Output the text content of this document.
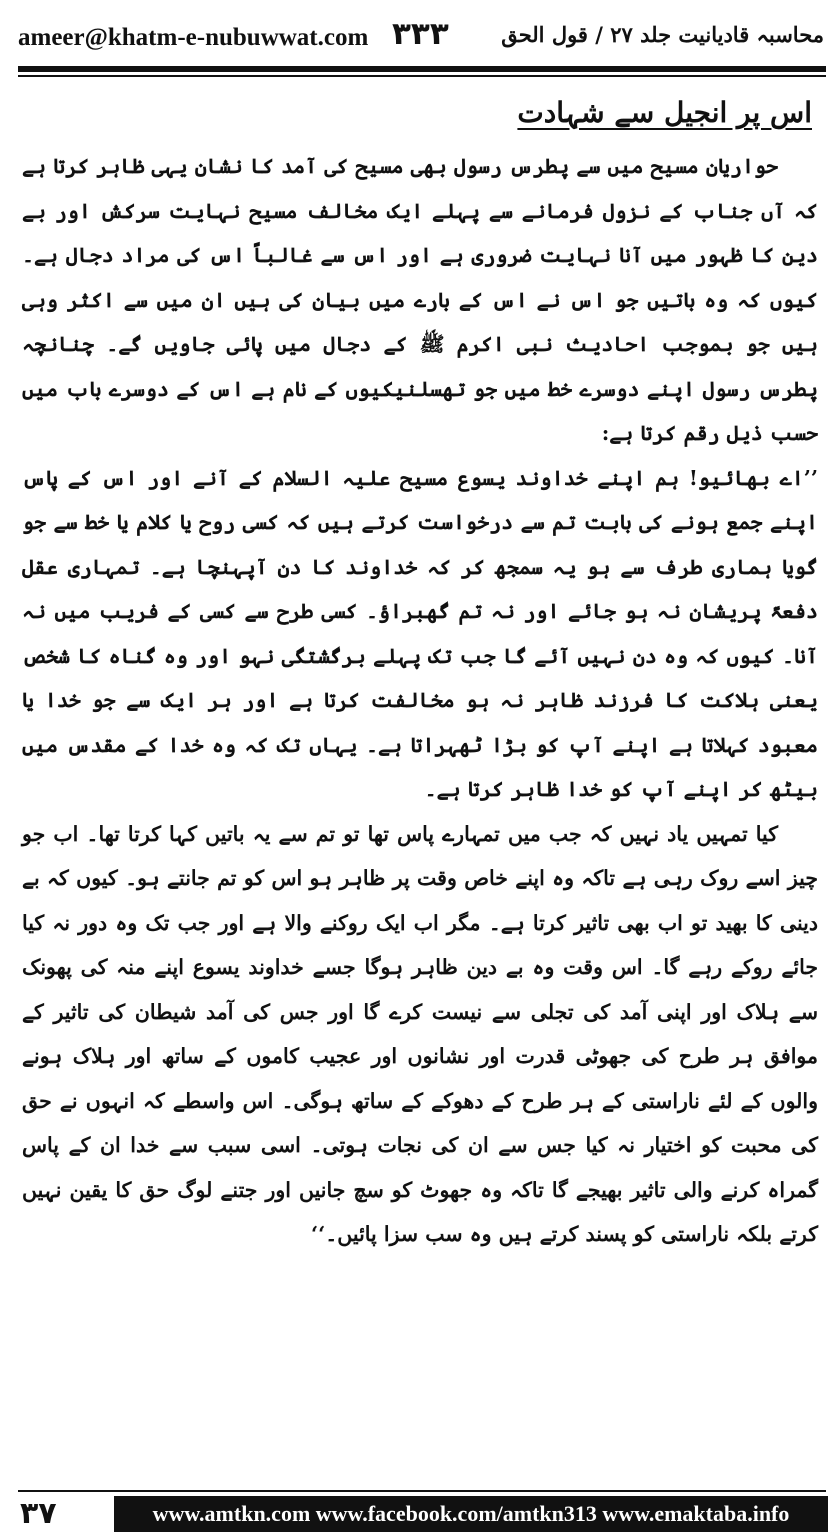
ameer@khatm-e-nubuwwat.com ۳۳۳ محاسبہ قادیانیت جلد ۲۷ / قول الحق
اس پر انجیل سے شہادت

حواریان مسیح میں سے پطرس رسول بھی مسیح کی آمد کا نشان یہی ظاہر کرتا ہے کہ آں جناب کے نزول فرمانے سے پہلے ایک مخالف مسیح نہایت سرکش اور بے دین کا ظہور میں آنا نہایت ضروری ہے اور اس سے غالباً اس کی مراد دجال ہے۔ کیوں کہ وہ باتیں جو اس نے اس کے بارے میں بیان کی ہیں ان میں سے اکثر وہی ہیں جو بموجب احادیث نبی اکرم ﷺ کے دجال میں پائی جاویں گے۔ چنانچہ پطرس رسول اپنے دوسرے خط میں جو تھسلنیکیوں کے نام ہے اس کے دوسرے باب میں حسب ذیل رقم کرتا ہے:

’’اے بھائیو! ہم اپنے خداوند یسوع مسیح علیہ السلام کے آنے اور اس کے پاس اپنے جمع ہونے کی بابت تم سے درخواست کرتے ہیں کہ کسی روح یا کلام یا خط سے جو گویا ہماری طرف سے ہو یہ سمجھ کر کہ خداوند کا دن آپہنچا ہے۔ تمہاری عقل دفعۃً پریشان نہ ہو جائے اور نہ تم گھبراؤ۔ کسی طرح سے کسی کے فریب میں نہ آنا۔ کیوں کہ وہ دن نہیں آئے گا جب تک پہلے برگشتگی نہو اور وہ گناہ کا شخص یعنی ہلاکت کا فرزند ظاہر نہ ہو مخالفت کرتا ہے اور ہر ایک سے جو خدا یا معبود کہلاتا ہے اپنے آپ کو بڑا ٹھہراتا ہے۔ یہاں تک کہ وہ خدا کے مقدس میں بیٹھ کر اپنے آپ کو خدا ظاہر کرتا ہے۔

کیا تمہیں یاد نہیں کہ جب میں تمہارے پاس تھا تو تم سے یہ باتیں کہا کرتا تھا۔ اب جو چیز اسے روک رہی ہے تاکہ وہ اپنے خاص وقت پر ظاہر ہو اس کو تم جانتے ہو۔ کیوں کہ بے دینی کا بھید تو اب بھی تاثیر کرتا ہے۔ مگر اب ایک روکنے والا ہے اور جب تک وہ دور نہ کیا جائے روکے رہے گا۔ اس وقت وہ بے دین ظاہر ہوگا جسے خداوند یسوع اپنے منہ کی پھونک سے ہلاک اور اپنی آمد کی تجلی سے نیست کرے گا اور جس کی آمد شیطان کی تاثیر کے موافق ہر طرح کی جھوٹی قدرت اور نشانوں اور عجیب کاموں کے ساتھ اور ہلاک ہونے والوں کے لئے ناراستی کے ہر طرح کے دھوکے کے ساتھ ہوگی۔ اس واسطے کہ انہوں نے حق کی محبت کو اختیار نہ کیا جس سے ان کی نجات ہوتی۔ اسی سبب سے خدا ان کے پاس گمراہ کرنے والی تاثیر بھیجے گا تاکہ وہ جھوٹ کو سچ جانیں اور جتنے لوگ حق کا یقین نہیں کرتے بلکہ ناراستی کو پسند کرتے ہیں وہ سب سزا پائیں۔‘‘

۳۷	www.amtkn.com www.facebook.com/amtkn313 www.emaktaba.info
